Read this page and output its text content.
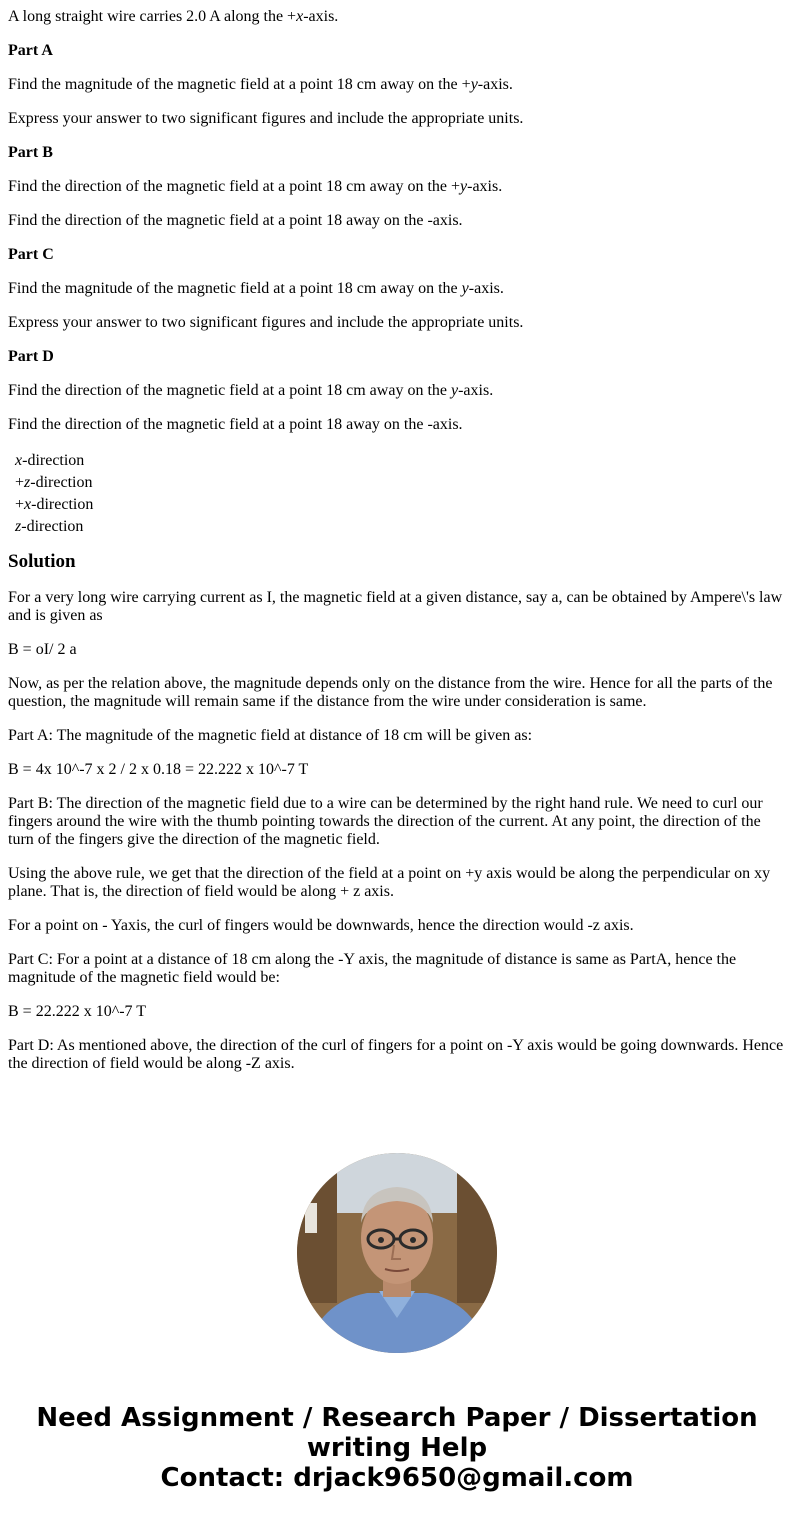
A long straight wire carries 2.0 A along the +x-axis.

Part A

Find the magnitude of the magnetic field at a point 18 cm away on the +y-axis.

Express your answer to two significant figures and include the appropriate units.

Part B

Find the direction of the magnetic field at a point 18 cm away on the +y-axis.

Find the direction of the magnetic field at a point 18 away on the -axis.

Part C

Find the magnitude of the magnetic field at a point 18 cm away on the y-axis.

Express your answer to two significant figures and include the appropriate units.

Part D

Find the direction of the magnetic field at a point 18 cm away on the y-axis.

Find the direction of the magnetic field at a point 18 away on the -axis.

x-direction
+z-direction
+x-direction
z-direction
Solution

For a very long wire carrying current as I, the magnetic field at a given distance, say a, can be obtained by Ampere\'s law and is given as

B = oI/ 2 a

Now, as per the relation above, the magnitude depends only on the distance from the wire. Hence for all the parts of the question, the magnitude will remain same if the distance from the wire under consideration is same.

Part A: The magnitude of the magnetic field at distance of 18 cm will be given as:

B = 4x 10^-7 x 2 / 2 x 0.18 = 22.222 x 10^-7 T

Part B: The direction of the magnetic field due to a wire can be determined by the right hand rule. We need to curl our fingers around the wire with the thumb pointing towards the direction of the current. At any point, the direction of the turn of the fingers give the direction of the magnetic field.

Using the above rule, we get that the direction of the field at a point on +y axis would be along the perpendicular on xy plane. That is, the direction of field would be along + z axis.

For a point on - Yaxis, the curl of fingers would be downwards, hence the direction would -z axis.

Part C: For a point at a distance of 18 cm along the -Y axis, the magnitude of distance is same as PartA, hence the magnitude of the magnetic field would be:

B = 22.222 x 10^-7 T

Part D: As mentioned above, the direction of the curl of fingers for a point on -Y axis would be going downwards. Hence the direction of field would be along -Z axis.

Need Assignment / Research Paper / Dissertation
writing Help
Contact: drjack9650@gmail.com
